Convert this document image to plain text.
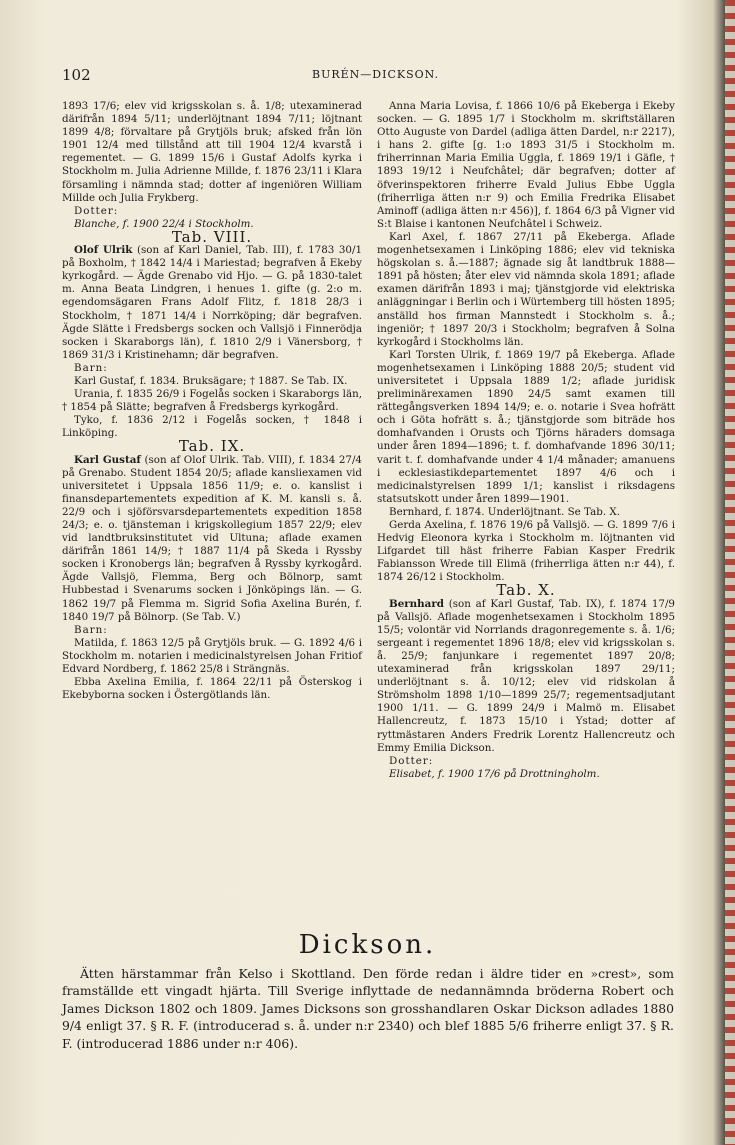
102	BURÉN—DICKSON.

1893 17/6; elev vid krigsskolan s. å. 1/8; utexaminerad därifrån 1894 5/11; underlöjtnant 1894 7/11; löjtnant 1899 4/8; förvaltare på Grytjöls bruk; afsked från lön 1901 12/4 med tillstånd att till 1904 12/4 kvarstå i regementet. — G. 1899 15/6 i Gustaf Adolfs kyrka i Stockholm m. Julia Adrienne Millde, f. 1876 23/11 i Klara församling i nämnda stad; dotter af ingeniören William Millde och Julia Frykberg.

Dotter:

Blanche, f. 1900 22/4 i Stockholm.

Tab. VIII.

Olof Ulrik (son af Karl Daniel, Tab. III), f. 1783 30/1 på Boxholm, † 1842 14/4 i Mariestad; begrafven å Ekeby kyrkogård. — Ägde Grenabo vid Hjo. — G. på 1830-talet m. Anna Beata Lindgren, i henues 1. gifte (g. 2:o m. egendomsägaren Frans Adolf Flitz, f. 1818 28/3 i Stockholm, † 1871 14/4 i Norrköping; där begrafven. Ägde Slätte i Fredsbergs socken och Vallsjö i Finnerödja socken i Skaraborgs län), f. 1810 2/9 i Vänersborg, † 1869 31/3 i Kristinehamn; där begrafven.

Barn:

Karl Gustaf, f. 1834. Bruksägare; † 1887. Se Tab. IX.

Urania, f. 1835 26/9 i Fogelås socken i Skaraborgs län, † 1854 på Slätte; begrafven å Fredsbergs kyrkogård.

Tyko, f. 1836 2/12 i Fogelås socken, † 1848 i Linköping.

Tab. IX.

Karl Gustaf (son af Olof Ulrik. Tab. VIII), f. 1834 27/4 på Grenabo. Student 1854 20/5; aflade kansliexamen vid universitetet i Uppsala 1856 11/9; e. o. kanslist i finansdepartementets expedition af K. M. kansli s. å. 22/9 och i sjöförsvarsdepartementets expedition 1858 24/3; e. o. tjänsteman i krigskollegium 1857 22/9; elev vid landtbruksinstitutet vid Ultuna; aflade examen därifrån 1861 14/9; † 1887 11/4 på Skeda i Ryssby socken i Kronobergs län; begrafven å Ryssby kyrkogård. Ägde Vallsjö, Flemma, Berg och Bölnorp, samt Hubbestad i Svenarums socken i Jönköpings län. — G. 1862 19/7 på Flemma m. Sigrid Sofia Axelina Burén, f. 1840 19/7 på Bölnorp. (Se Tab. V.)

Barn:

Matilda, f. 1863 12/5 på Grytjöls bruk. — G. 1892 4/6 i Stockholm m. notarien i medicinalstyrelsen Johan Fritiof Edvard Nordberg, f. 1862 25/8 i Strängnäs.

Ebba Axelina Emilia, f. 1864 22/11 på Österskog i Ekebyborna socken i Östergötlands län.

Anna Maria Lovisa, f. 1866 10/6 på Ekeberga i Ekeby socken. — G. 1895 1/7 i Stockholm m. skriftställaren Otto Auguste von Dardel (adliga ätten Dardel, n:r 2217), i hans 2. gifte [g. 1:o 1893 31/5 i Stockholm m. friherrinnan Maria Emilia Uggla, f. 1869 19/1 i Gäfle, † 1893 19/12 i Neufchâtel; där begrafven; dotter af öfverinspektoren friherre Evald Julius Ebbe Uggla (friherrliga ätten n:r 9) och Emilia Fredrika Elisabet Aminoff (adliga ätten n:r 456)], f. 1864 6/3 på Vigner vid S:t Blaise i kantonen Neufchâtel i Schweiz.

Karl Axel, f. 1867 27/11 på Ekeberga. Aflade mogenhetsexamen i Linköping 1886; elev vid tekniska högskolan s. å.—1887; ägnade sig åt landtbruk 1888—1891 på hösten; åter elev vid nämnda skola 1891; aflade examen därifrån 1893 i maj; tjänstgjorde vid elektriska anläggningar i Berlin och i Würtemberg till hösten 1895; anställd hos firman Mannstedt i Stockholm s. å.; ingeniör; † 1897 20/3 i Stockholm; begrafven å Solna kyrkogård i Stockholms län.

Karl Torsten Ulrik, f. 1869 19/7 på Ekeberga. Aflade mogenhetsexamen i Linköping 1888 20/5; student vid universitetet i Uppsala 1889 1/2; aflade juridisk preliminärexamen 1890 24/5 samt examen till rättegångsverken 1894 14/9; e. o. notarie i Svea hofrätt och i Göta hofrätt s. å.; tjänstgjorde som biträde hos domhafvanden i Orusts och Tjörns häraders domsaga under åren 1894—1896; t. f. domhafvande 1896 30/11; varit t. f. domhafvande under 4 1/4 månader; amanuens i ecklesiastikdepartementet 1897 4/6 och i medicinalstyrelsen 1899 1/1; kanslist i riksdagens statsutskott under åren 1899—1901.

Bernhard, f. 1874. Underlöjtnant. Se Tab. X.

Gerda Axelina, f. 1876 19/6 på Vallsjö. — G. 1899 7/6 i Hedvig Eleonora kyrka i Stockholm m. löjtnanten vid Lifgardet till häst friherre Fabian Kasper Fredrik Fabiansson Wrede till Elimä (friherrliga ätten n:r 44), f. 1874 26/12 i Stockholm.

Tab. X.

Bernhard (son af Karl Gustaf, Tab. IX), f. 1874 17/9 på Vallsjö. Aflade mogenhetsexamen i Stockholm 1895 15/5; volontär vid Norrlands dragonregemente s. å. 1/6; sergeant i regementet 1896 18/8; elev vid krigsskolan s. å. 25/9; fanjunkare i regementet 1897 20/8; utexaminerad från krigsskolan 1897 29/11; underlöjtnant s. å. 10/12; elev vid ridskolan å Strömsholm 1898 1/10—1899 25/7; regementsadjutant 1900 1/11. — G. 1899 24/9 i Malmö m. Elisabet Hallencreutz, f. 1873 15/10 i Ystad; dotter af ryttmästaren Anders Fredrik Lorentz Hallencreutz och Emmy Emilia Dickson.

Dotter:

Elisabet, f. 1900 17/6 på Drottningholm.

Dickson.

Ätten härstammar från Kelso i Skottland. Den förde redan i äldre tider en »crest», som framställde ett vingadt hjärta. Till Sverige inflyttade de nedannämnda bröderna Robert och James Dickson 1802 och 1809. James Dicksons son grosshandlaren Oskar Dickson adlades 1880 9/4 enligt 37. § R. F. (introducerad s. å. under n:r 2340) och blef 1885 5/6 friherre enligt 37. § R. F. (introducerad 1886 under n:r 406).
